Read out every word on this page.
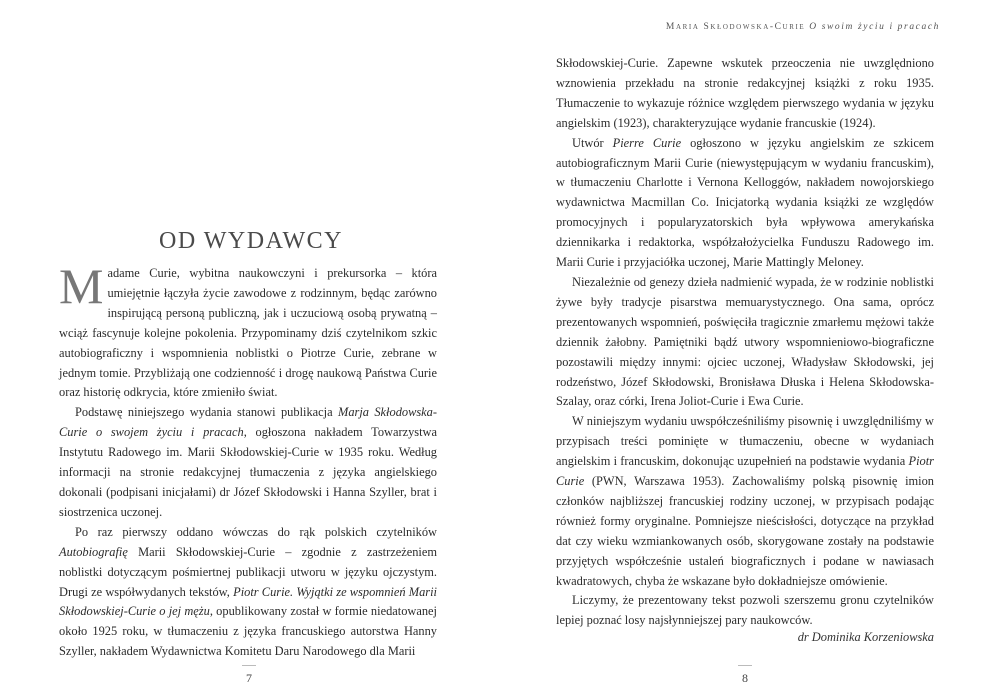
OD WYDAWCY

Madame Curie, wybitna naukowczyni i prekursorka – która umiejętnie łączyła życie zawodowe z rodzinnym, będąc zarówno inspirującą personą publiczną, jak i uczuciową osobą prywatną – wciąż fascynuje kolejne pokolenia. Przypominamy dziś czytelnikom szkic autobiograficzny i wspomnienia noblistki o Piotrze Curie, zebrane w jednym tomie. Przybliżają one codzienność i drogę naukową Państwa Curie oraz historię odkrycia, które zmieniło świat.

Podstawę niniejszego wydania stanowi publikacja Marja Skłodowska-Curie o swojem życiu i pracach, ogłoszona nakładem Towarzystwa Instytutu Radowego im. Marii Skłodowskiej-Curie w 1935 roku. Według informacji na stronie redakcyjnej tłumaczenia z języka angielskiego dokonali (podpisani inicjałami) dr Józef Skłodowski i Hanna Szyller, brat i siostrzenica uczonej.

Po raz pierwszy oddano wówczas do rąk polskich czytelników Autobiografię Marii Skłodowskiej-Curie – zgodnie z zastrzeżeniem noblistki dotyczącym pośmiertnej publikacji utworu w języku ojczystym. Drugi ze współwydanych tekstów, Piotr Curie. Wyjątki ze wspomnień Marii Skłodowskiej-Curie o jej mężu, opublikowany został w formie niedatowanej około 1925 roku, w tłumaczeniu z języka francuskiego autorstwa Hanny Szyller, nakładem Wydawnictwa Komitetu Daru Narodowego dla Marii

7
Maria Skłodowska-Curie O swoim życiu i pracach

Skłodowskiej-Curie. Zapewne wskutek przeoczenia nie uwzględniono wznowienia przekładu na stronie redakcyjnej książki z roku 1935. Tłumaczenie to wykazuje różnice względem pierwszego wydania w języku angielskim (1923), charakteryzujące wydanie francuskie (1924).

Utwór Pierre Curie ogłoszono w języku angielskim ze szkicem autobiograficznym Marii Curie (niewystępującym w wydaniu francuskim), w tłumaczeniu Charlotte i Vernona Kelloggów, nakładem nowojorskiego wydawnictwa Macmillan Co. Inicjatorką wydania książki ze względów promocyjnych i popularyzatorskich była wpływowa amerykańska dziennikarka i redaktorka, współzałożycielka Funduszu Radowego im. Marii Curie i przyjaciółka uczonej, Marie Mattingly Meloney.

Niezależnie od genezy dzieła nadmienić wypada, że w rodzinie noblistki żywe były tradycje pisarstwa memuarystycznego. Ona sama, oprócz prezentowanych wspomnień, poświęciła tragicznie zmarłemu mężowi także dziennik żałobny. Pamiętniki bądź utwory wspomnieniowo-biograficzne pozostawili między innymi: ojciec uczonej, Władysław Skłodowski, jej rodzeństwo, Józef Skłodowski, Bronisława Dłuska i Helena Skłodowska-Szalay, oraz córki, Irena Joliot-Curie i Ewa Curie.

W niniejszym wydaniu uwspółcześniliśmy pisownię i uwzględniliśmy w przypisach treści pominięte w tłumaczeniu, obecne w wydaniach angielskim i francuskim, dokonując uzupełnień na podstawie wydania Piotr Curie (PWN, Warszawa 1953). Zachowaliśmy polską pisownię imion członków najbliższej francuskiej rodziny uczonej, w przypisach podając również formy oryginalne. Pomniejsze nieścisłości, dotyczące na przykład dat czy wieku wzmiankowanych osób, skorygowane zostały na podstawie przyjętych współcześnie ustaleń biograficznych i podane w nawiasach kwadratowych, chyba że wskazane było dokładniejsze omówienie.

Liczymy, że prezentowany tekst pozwoli szerszemu gronu czytelników lepiej poznać losy najsłynniejszej pary naukowców.

dr Dominika Korzeniowska
8
